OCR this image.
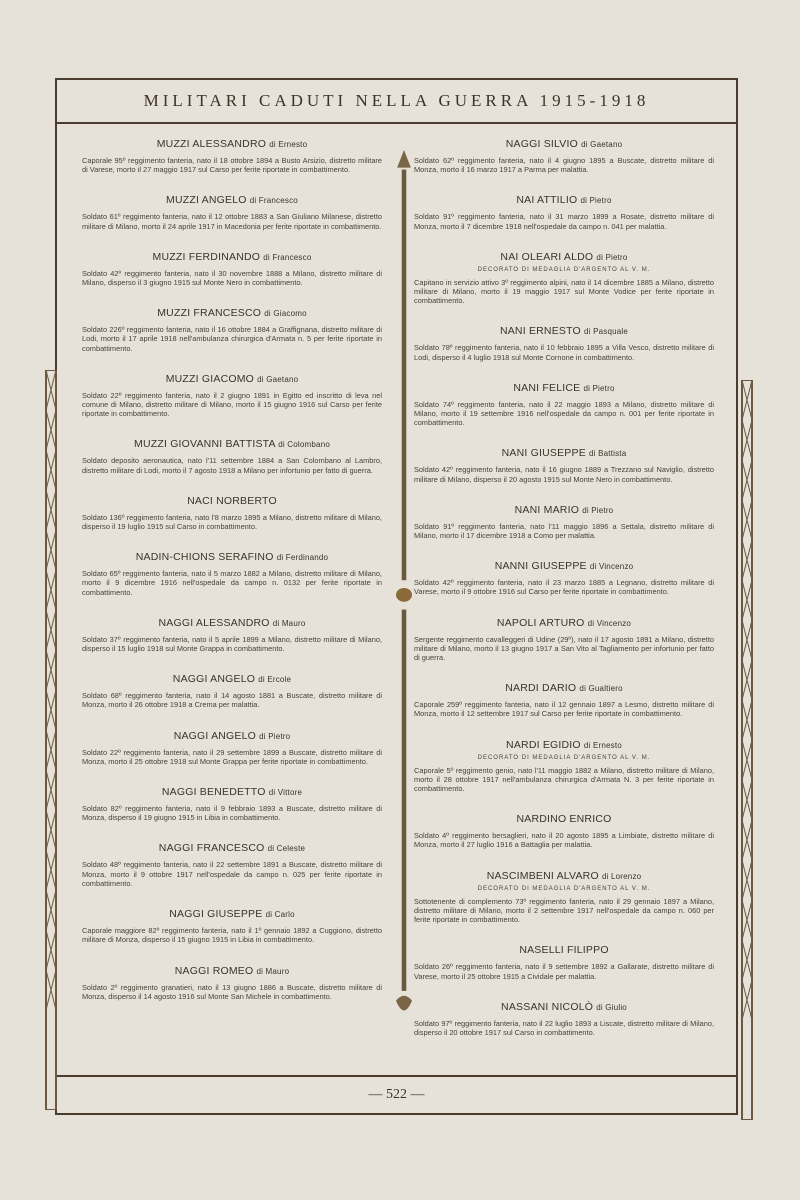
MILITARI CADUTI NELLA GUERRA 1915-1918
MUZZI ALESSANDRO di Ernesto
Caporale 95º reggimento fanteria, nato il 18 ottobre 1894 a Busto Arsizio, distretto militare di Varese, morto il 27 maggio 1917 sul Carso per ferite riportate in combattimento.
MUZZI ANGELO di Francesco
Soldato 61º reggimento fanteria, nato il 12 ottobre 1883 a San Giuliano Milanese, distretto militare di Milano, morto il 24 aprile 1917 in Macedonia per ferite riportate in combattimento.
MUZZI FERDINANDO di Francesco
Soldato 42º reggimento fanteria, nato il 30 novembre 1888 a Milano, distretto militare di Milano, disperso il 3 giugno 1915 sul Monte Nero in combattimento.
MUZZI FRANCESCO di Giacomo
Soldato 226º reggimento fanteria, nato il 16 ottobre 1884 a Graffignana, distretto militare di Lodi, morto il 17 aprile 1918 nell'ambulanza chirurgica d'Armata n. 5 per ferite riportate in combattimento.
MUZZI GIACOMO di Gaetano
Soldato 22º reggimento fanteria, nato il 2 giugno 1891 in Egitto ed inscritto di leva nel comune di Milano, distretto militare di Milano, morto il 15 giugno 1916 sul Carso per ferite riportate in combattimento.
MUZZI GIOVANNI BATTISTA di Colombano
Soldato deposito aeronautica, nato l'11 settembre 1884 a San Colombano al Lambro, distretto militare di Lodi, morto il 7 agosto 1918 a Milano per infortunio per fatto di guerra.
NACI NORBERTO
Soldato 136º reggimento fanteria, nato l'8 marzo 1895 a Milano, distretto militare di Milano, disperso il 19 luglio 1915 sul Carso in combattimento.
NADIN-CHIONS SERAFINO di Ferdinando
Soldato 65º reggimento fanteria, nato il 5 marzo 1882 a Milano, distretto militare di Milano, morto il 9 dicembre 1916 nell'ospedale da campo n. 0132 per ferite riportate in combattimento.
NAGGI ALESSANDRO di Mauro
Soldato 37º reggimento fanteria, nato il 5 aprile 1899 a Milano, distretto militare di Milano, disperso il 15 luglio 1918 sul Monte Grappa in combattimento.
NAGGI ANGELO di Ercole
Soldato 68º reggimento fanteria, nato il 14 agosto 1881 a Buscate, distretto militare di Monza, morto il 26 ottobre 1918 a Crema per malattia.
NAGGI ANGELO di Pietro
Soldato 22º reggimento fanteria, nato il 29 settembre 1899 a Buscate, distretto militare di Monza, morto il 25 ottobre 1918 sul Monte Grappa per ferite riportate in combattimento.
NAGGI BENEDETTO di Vittore
Soldato 82º reggimento fanteria, nato il 9 febbraio 1893 a Buscate, distretto militare di Monza, disperso il 19 giugno 1915 in Libia in combattimento.
NAGGI FRANCESCO di Celeste
Soldato 48º reggimento fanteria, nato il 22 settembre 1891 a Buscate, distretto militare di Monza, morto il 9 ottobre 1917 nell'ospedale da campo n. 025 per ferite riportate in combattimento.
NAGGI GIUSEPPE di Carlo
Caporale maggiore 82º reggimento fanteria, nato il 1º gennaio 1892 a Cuggiono, distretto militare di Monza, disperso il 15 giugno 1915 in Libia in combattimento.
NAGGI ROMEO di Mauro
Soldato 2º reggimento granatieri, nato il 13 giugno 1886 a Buscate, distretto militare di Monza, disperso il 14 agosto 1916 sul Monte San Michele in combattimento.
NAGGI SILVIO di Gaetano
Soldato 62º reggimento fanteria, nato il 4 giugno 1895 a Buscate, distretto militare di Monza, morto il 16 marzo 1917 a Parma per malattia.
NAI ATTILIO di Pietro
Soldato 91º reggimento fanteria, nato il 31 marzo 1899 a Rosate, distretto militare di Monza, morto il 7 dicembre 1918 nell'ospedale da campo n. 041 per malattia.
NAI OLEARI ALDO di Pietro
DECORATO DI MEDAGLIA D'ARGENTO AL V. M.
Capitano in servizio attivo 3º reggimento alpini, nato il 14 dicembre 1885 a Milano, distretto militare di Milano, morto il 19 maggio 1917 sul Monte Vodice per ferite riportate in combattimento.
NANI ERNESTO di Pasquale
Soldato 78º reggimento fanteria, nato il 10 febbraio 1895 a Villa Vesco, distretto militare di Lodi, disperso il 4 luglio 1918 sul Monte Cornone in combattimento.
NANI FELICE di Pietro
Soldato 74º reggimento fanteria, nato il 22 maggio 1893 a Milano, distretto militare di Milano, morto il 19 settembre 1916 nell'ospedale da campo n. 001 per ferite riportate in combattimento.
NANI GIUSEPPE di Battista
Soldato 42º reggimento fanteria, nato il 16 giugno 1889 a Trezzano sul Naviglio, distretto militare di Milano, disperso il 20 agosto 1915 sul Monte Nero in combattimento.
NANI MARIO di Pietro
Soldato 91º reggimento fanteria, nato l'11 maggio 1896 a Settala, distretto militare di Milano, morto il 17 dicembre 1918 a Como per malattia.
NANNI GIUSEPPE di Vincenzo
Soldato 42º reggimento fanteria, nato il 23 marzo 1885 a Legnano, distretto militare di Varese, morto il 9 ottobre 1916 sul Carso per ferite riportate in combattimento.
NAPOLI ARTURO di Vincenzo
Sergente reggimento cavalleggeri di Udine (29º), nato il 17 agosto 1891 a Milano, distretto militare di Milano, morto il 13 giugno 1917 a San Vito al Tagliamento per infortunio per fatto di guerra.
NARDI DARIO di Gualtiero
Caporale 259º reggimento fanteria, nato il 12 gennaio 1897 a Lesmo, distretto militare di Monza, morto il 12 settembre 1917 sul Carso per ferite riportate in combattimento.
NARDI EGIDIO di Ernesto
DECORATO DI MEDAGLIA D'ARGENTO AL V. M.
Caporale 5º reggimento genio, nato l'11 maggio 1882 a Milano, distretto militare di Milano, morto il 28 ottobre 1917 nell'ambulanza chirurgica d'Armata N. 3 per ferite riportate in combattimento.
NARDINO ENRICO
Soldato 4º reggimento bersaglieri, nato il 20 agosto 1895 a Limbiate, distretto militare di Monza, morto il 27 luglio 1916 a Battaglia per malattia.
NASCIMBENI ALVARO di Lorenzo
DECORATO DI MEDAGLIA D'ARGENTO AL V. M.
Sottotenente di complemento 73º reggimento fanteria, nato il 29 gennaio 1897 a Milano, distretto militare di Milano, morto il 2 settembre 1917 nell'ospedale da campo n. 060 per ferite riportate in combattimento.
NASELLI FILIPPO
Soldato 26º reggimento fanteria, nato il 9 settembre 1892 a Gallarate, distretto militare di Varese, morto il 25 ottobre 1915 a Cividale per malattia.
NASSANI NICOLÒ di Giulio
Soldato 97º reggimento fanteria, nato il 22 luglio 1893 a Liscate, distretto militare di Milano, disperso il 20 ottobre 1917 sul Carso in combattimento.
— 522 —
